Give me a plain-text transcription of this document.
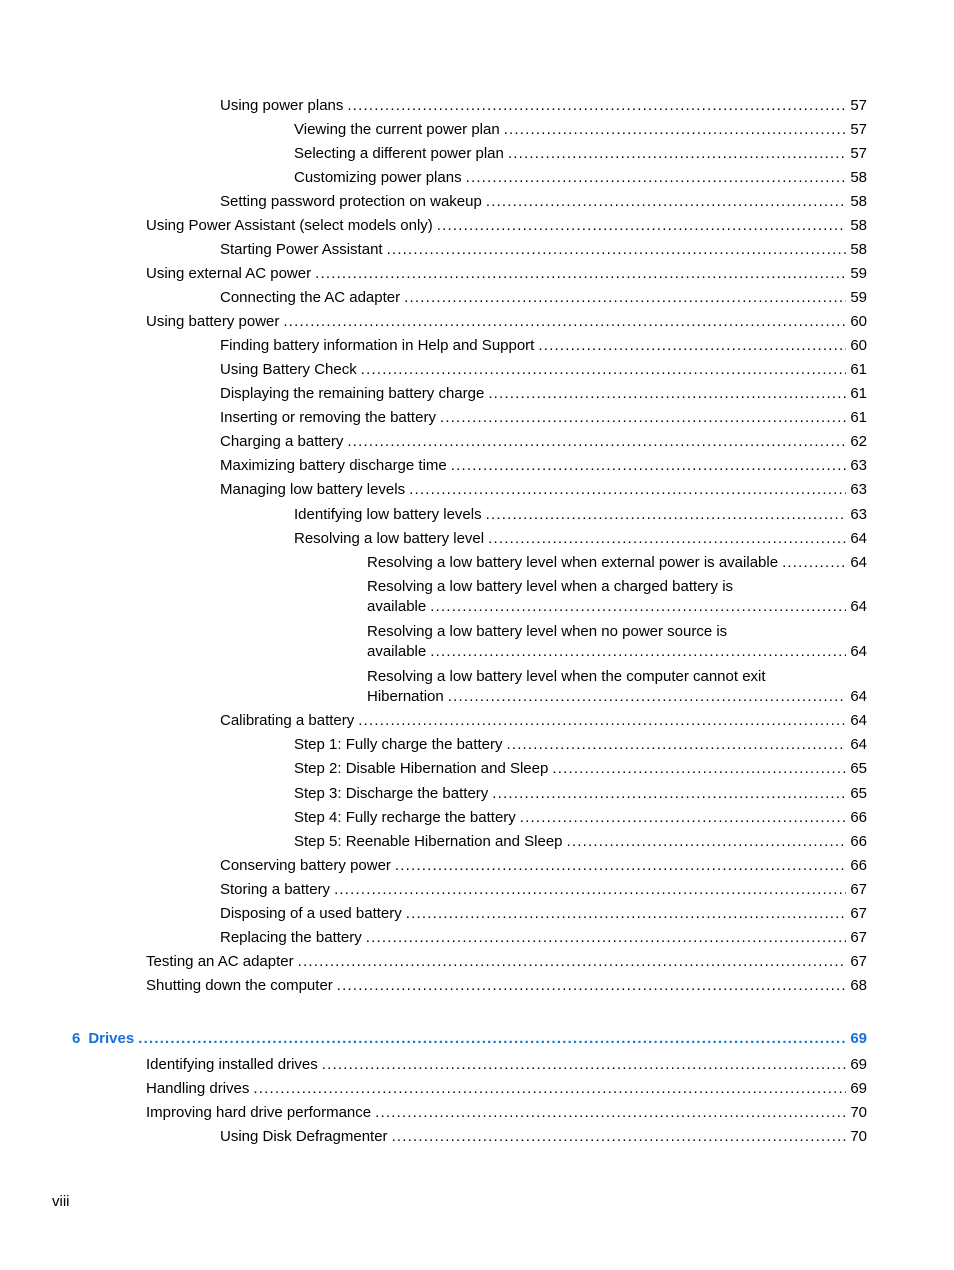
Using power plans .....	57
Viewing the current power plan .....	57
Selecting a different power plan .....	57
Customizing power plans .....	58
Setting password protection on wakeup .....	58
Using Power Assistant (select models only) .....	58
Starting Power Assistant .....	58
Using external AC power .....	59
Connecting the AC adapter .....	59
Using battery power .....	60
Finding battery information in Help and Support .....	60
Using Battery Check .....	61
Displaying the remaining battery charge .....	61
Inserting or removing the battery .....	61
Charging a battery .....	62
Maximizing battery discharge time .....	63
Managing low battery levels .....	63
Identifying low battery levels .....	63
Resolving a low battery level .....	64
Resolving a low battery level when external power is available .....	64
Resolving a low battery level when a charged battery is
available .....	64
Resolving a low battery level when no power source is
available .....	64
Resolving a low battery level when the computer cannot exit
Hibernation .....	64
Calibrating a battery .....	64
Step 1: Fully charge the battery .....	64
Step 2: Disable Hibernation and Sleep .....	65
Step 3: Discharge the battery .....	65
Step 4: Fully recharge the battery .....	66
Step 5: Reenable Hibernation and Sleep .....	66
Conserving battery power .....	66
Storing a battery .....	67
Disposing of a used battery .....	67
Replacing the battery .....	67
Testing an AC adapter .....	67
Shutting down the computer .....	68
6 Drives .....	69
Identifying installed drives .....	69
Handling drives .....	69
Improving hard drive performance .....	70
Using Disk Defragmenter .....	70
viii
